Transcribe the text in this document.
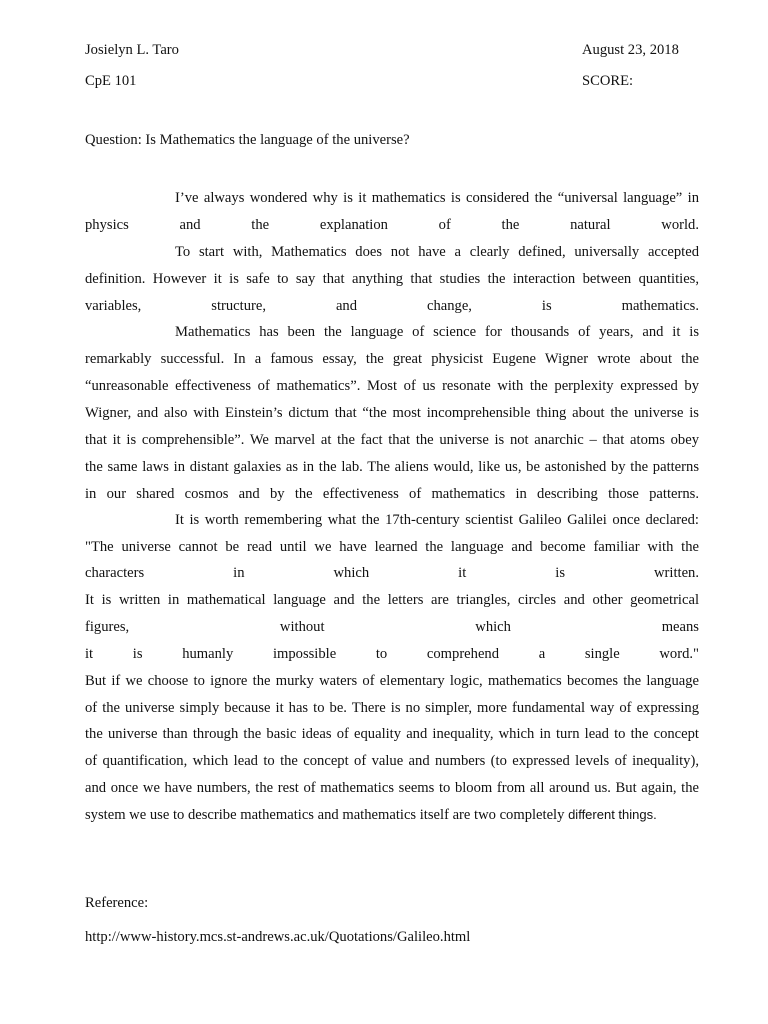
Josielyn L. Taro	August 23, 2018
CpE 101	SCORE:
Question: Is Mathematics the language of the universe?
I’ve always wondered why is it mathematics is considered the “universal language” in
physics and the explanation of the natural world.
To start with, Mathematics does not have a clearly defined, universally accepted
definition. However it is safe to say that anything that studies the interaction between quantities,
variables, structure, and change, is mathematics.
Mathematics has been the language of science for thousands of years, and it is
remarkably successful. In a famous essay, the great physicist Eugene Wigner wrote about the
“unreasonable effectiveness of mathematics”. Most of us resonate with the perplexity expressed by
Wigner, and also with Einstein’s dictum that “the most incomprehensible thing about the universe is
that it is comprehensible”. We marvel at the fact that the universe is not anarchic – that atoms obey
the same laws in distant galaxies as in the lab. The aliens would, like us, be astonished by the patterns
in our shared cosmos and by the effectiveness of mathematics in describing those patterns.
It is worth remembering what the 17th-century scientist Galileo Galilei once declared:
"The universe cannot be read until we have learned the language and become familiar with the
characters in which it is written.
It is written in mathematical language and the letters are triangles, circles and other geometrical
figures, without which means
it is humanly impossible to comprehend a single word."
But if we choose to ignore the murky waters of elementary logic, mathematics becomes the language
of the universe simply because it has to be. There is no simpler, more fundamental way of expressing
the universe than through the basic ideas of equality and inequality, which in turn lead to the concept
of quantification, which lead to the concept of value and numbers (to expressed levels of inequality),
and once we have numbers, the rest of mathematics seems to bloom from all around us. But again, the
system we use to describe mathematics and mathematics itself are two completely different things.
Reference:
http://www-history.mcs.st-andrews.ac.uk/Quotations/Galileo.html
